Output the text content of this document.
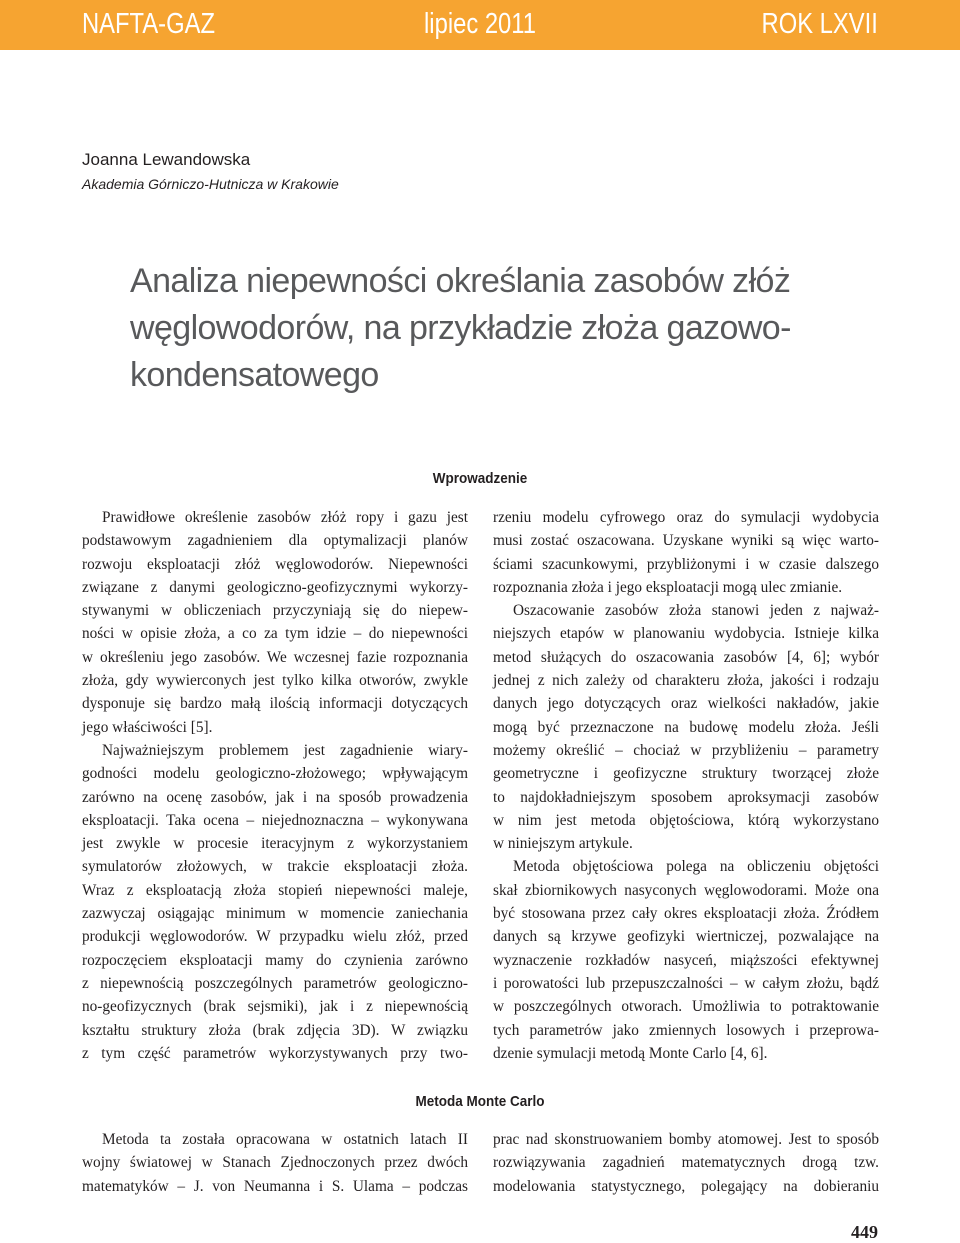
NAFTA-GAZ	lipiec 2011	ROK LXVII
Joanna Lewandowska
Akademia Górniczo-Hutnicza w Krakowie
Analiza niepewności określania zasobów złóż
węglowodorów, na przykładzie złoża gazowo-
kondensatowego
Wprowadzenie
Prawidłowe określenie zasobów złóż ropy i gazu jest
podstawowym zagadnieniem dla optymalizacji planów
rozwoju eksploatacji złóż węglowodorów. Niepewności
związane z danymi geologiczno-geofizycznymi wykorzy-
stywanymi w obliczeniach przyczyniają się do niepew-
ności w opisie złoża, a co za tym idzie – do niepewności
w określeniu jego zasobów. We wczesnej fazie rozpoznania
złoża, gdy wywierconych jest tylko kilka otworów, zwykle
dysponuje się bardzo małą ilością informacji dotyczących
jego właściwości [5].
Najważniejszym problemem jest zagadnienie wiary-
godności modelu geologiczno-złożowego; wpływającym
zarówno na ocenę zasobów, jak i na sposób prowadzenia
eksploatacji. Taka ocena – niejednoznaczna – wykonywana
jest zwykle w procesie iteracyjnym z wykorzystaniem
symulatorów złożowych, w trakcie eksploatacji złoża.
Wraz z eksploatacją złoża stopień niepewności maleje,
zazwyczaj osiągając minimum w momencie zaniechania
produkcji węglowodorów. W przypadku wielu złóż, przed
rozpoczęciem eksploatacji mamy do czynienia zarówno
z niepewnością poszczególnych parametrów geologiczno-
no-geofizycznych (brak sejsmiki), jak i z niepewnością
kształtu struktury złoża (brak zdjęcia 3D). W związku
z tym część parametrów wykorzystywanych przy two-
rzeniu modelu cyfrowego oraz do symulacji wydobycia
musi zostać oszacowana. Uzyskane wyniki są więc warto-
ściami szacunkowymi, przybliżonymi i w czasie dalszego
rozpoznania złoża i jego eksploatacji mogą ulec zmianie.
Oszacowanie zasobów złoża stanowi jeden z najważ-
niejszych etapów w planowaniu wydobycia. Istnieje kilka
metod służących do oszacowania zasobów [4, 6]; wybór
jednej z nich zależy od charakteru złoża, jakości i rodzaju
danych jego dotyczących oraz wielkości nakładów, jakie
mogą być przeznaczone na budowę modelu złoża. Jeśli
możemy określić – chociaż w przybliżeniu – parametry
geometryczne i geofizyczne struktury tworzącej złoże
to najdokładniejszym sposobem aproksymacji zasobów
w nim jest metoda objętościowa, którą wykorzystano
w niniejszym artykule.
Metoda objętościowa polega na obliczeniu objętości
skał zbiornikowych nasyconych węglowodorami. Może ona
być stosowana przez cały okres eksploatacji złoża. Źródłem
danych są krzywe geofizyki wiertniczej, pozwalające na
wyznaczenie rozkładów nasyceń, miąższości efektywnej
i porowatości lub przepuszczalności – w całym złożu, bądź
w poszczególnych otworach. Umożliwia to potraktowanie
tych parametrów jako zmiennych losowych i przeprowa-
dzenie symulacji metodą Monte Carlo [4, 6].
Metoda Monte Carlo
Metoda ta została opracowana w ostatnich latach II
wojny światowej w Stanach Zjednoczonych przez dwóch
matematyków – J. von Neumanna i S. Ulama – podczas
prac nad skonstruowaniem bomby atomowej. Jest to sposób
rozwiązywania zagadnień matematycznych drogą tzw.
modelowania statystycznego, polegający na dobieraniu
449
